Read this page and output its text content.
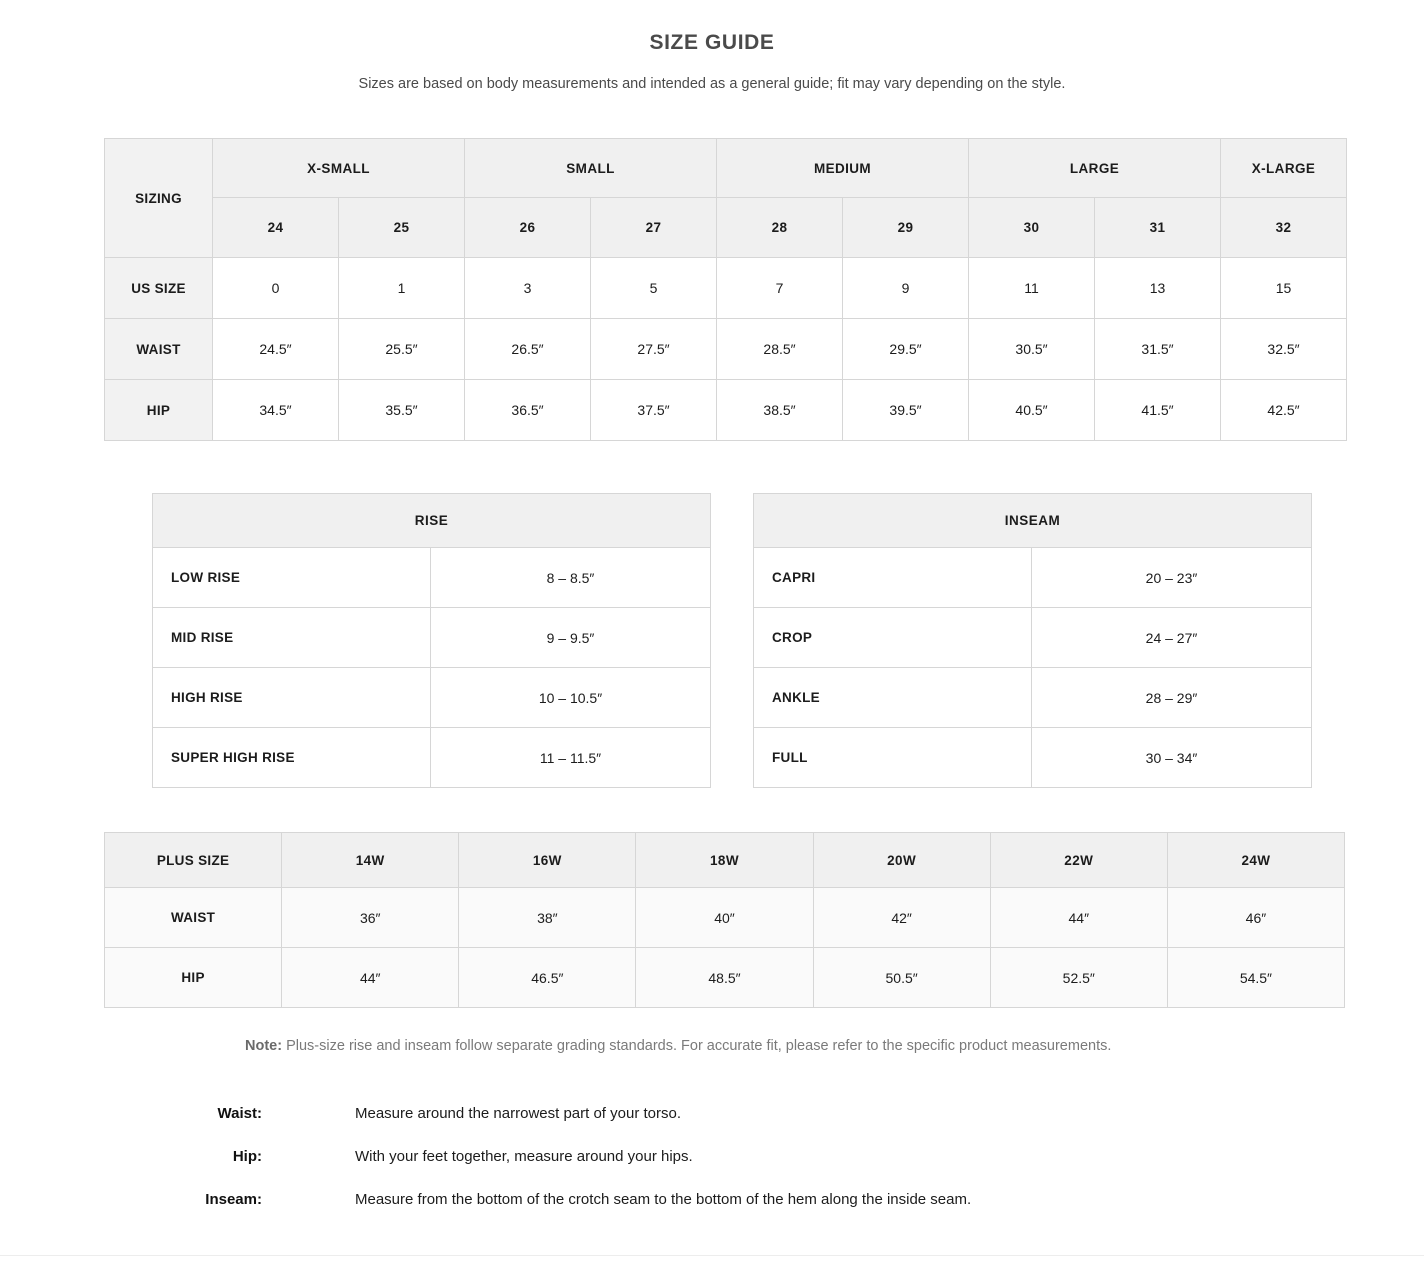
SIZE GUIDE

Sizes are based on body measurements and intended as a general guide; fit may vary depending on the style.

SIZING	X-SMALL		SMALL		MEDIUM		LARGE		X-LARGE
	24	25	26	27	28	29	30	31	32
US SIZE	0	1	3	5	7	9	11	13	15
WAIST	24.5″	25.5″	26.5″	27.5″	28.5″	29.5″	30.5″	31.5″	32.5″
HIP	34.5″	35.5″	36.5″	37.5″	38.5″	39.5″	40.5″	41.5″	42.5″
RISE	
LOW RISE	8 – 8.5″
MID RISE	9 – 9.5″
HIGH RISE	10 – 10.5″
SUPER HIGH RISE	11 – 11.5″
INSEAM	
CAPRI	20 – 23″
CROP	24 – 27″
ANKLE	28 – 29″
FULL	30 – 34″
PLUS SIZE	14W	16W	18W	20W	22W	24W
WAIST	36″	38″	40″	42″	44″	46″
HIP	44″	46.5″	48.5″	50.5″	52.5″	54.5″
Note: Plus-size rise and inseam follow separate grading standards. For accurate fit, please refer to the specific product measurements.
Waist:	Measure around the narrowest part of your torso.
Hip:	With your feet together, measure around your hips.
Inseam:	Measure from the bottom of the crotch seam to the bottom of the hem along the inside seam.
